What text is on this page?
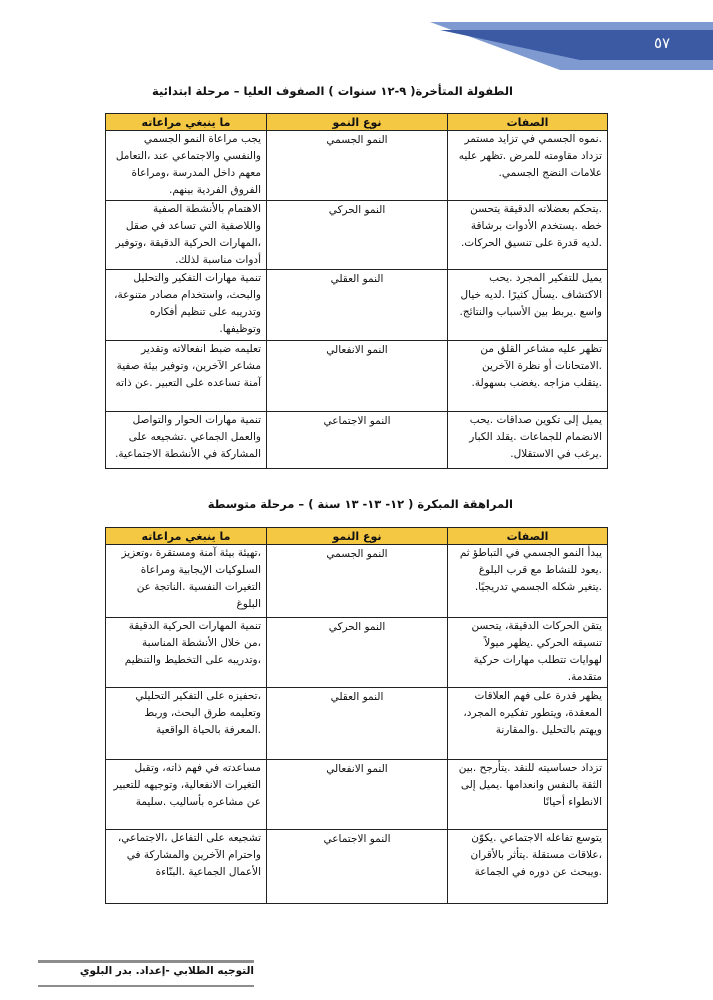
٥٧
الطفولة المتأخرة( ٩-١٢ سنوات ) الصفوف العليا – مرحلة ابتدائية
الصفات	نوع النمو	ما ينبغي مراعاته
.نموه الجسمي في تزايد مستمر تزداد مقاومته للمرض .تظهر عليه علامات النضج الجسمي.	النمو الجسمي	يجب مراعاة النمو الجسمي والنفسي والاجتماعي عند ،التعامل معهم داخل المدرسة ،ومراعاة الفروق الفردية بينهم.
.يتحكم بعضلاته الدقيقة يتحسن خطه .يستخدم الأدوات برشاقة .لديه قدرة على تنسيق الحركات.	النمو الحركي	الاهتمام بالأنشطة الصفية واللاصفية التي تساعد في صقل ،المهارات الحركية الدقيقة ،وتوفير أدوات مناسبة لذلك.
يميل للتفكير المجرد .يحب الاكتشاف .يسأل كثيرًا .لديه خيال واسع .يربط بين الأسباب والنتائج.	النمو العقلي	تنمية مهارات التفكير والتحليل والبحث، واستخدام مصادر متنوعة، وتدريبه على تنظيم أفكاره وتوظيفها.
تظهر عليه مشاعر القلق من .الامتحانات أو نظرة الآخرين .يتقلب مزاجه .يغضب بسهولة.	النمو الانفعالي	تعليمه ضبط انفعالاته وتقدير مشاعر الآخرين، وتوفير بيئة صفية آمنة تساعده على التعبير .عن ذاته
يميل إلى تكوين صداقات .يحب الانضمام للجماعات .يقلد الكبار .يرغب في الاستقلال.	النمو الاجتماعي	تنمية مهارات الحوار والتواصل والعمل الجماعي .تشجيعه على المشاركة في الأنشطة الاجتماعية.
المراهقة المبكرة ( ١٢- ١٣- ١٣ سنة ) – مرحلة متوسطة
الصفات	نوع النمو	ما ينبغي مراعاته
يبدأ النمو الجسمي في التباطؤ ثم .يعود للنشاط مع قرب البلوغ .يتغير شكله الجسمي تدريجيًا.	النمو الجسمي	،تهيئة بيئة آمنة ومستقرة ،وتعزيز السلوكيات الإيجابية ومراعاة التغيرات النفسية .الناتجة عن البلوغ
يتقن الحركات الدقيقة، يتحسن تنسيقه الحركي .يظهر ميولاً لهوايات تتطلب مهارات حركية متقدمة.	النمو الحركي	تنمية المهارات الحركية الدقيقة ،من خلال الأنشطة المناسبة ،وتدريبه على التخطيط والتنظيم
يظهر قدرة على فهم العلاقات المعقدة، ويتطور تفكيره المجرد، ويهتم بالتحليل .والمقارنة	النمو العقلي	،تحفيزه على التفكير التحليلي وتعليمه طرق البحث، وربط .المعرفة بالحياة الواقعية
تزداد حساسيته للنقد .يتأرجح .بين الثقة بالنفس وانعدامها .يميل إلى الانطواء أحيانًا	النمو الانفعالي	مساعدته في فهم ذاته، وتقبل التغيرات الانفعالية، وتوجيهه للتعبير عن مشاعره بأساليب .سليمة
يتوسع تفاعله الاجتماعي .يكوّن ،علاقات مستقلة .يتأثر بالأقران .ويبحث عن دوره في الجماعة	النمو الاجتماعي	تشجيعه على التفاعل ،الاجتماعي، واحترام الآخرين والمشاركة في الأعمال الجماعية .البنّاءة
التوجيه الطلابي -إعداد. بدر البلوي
